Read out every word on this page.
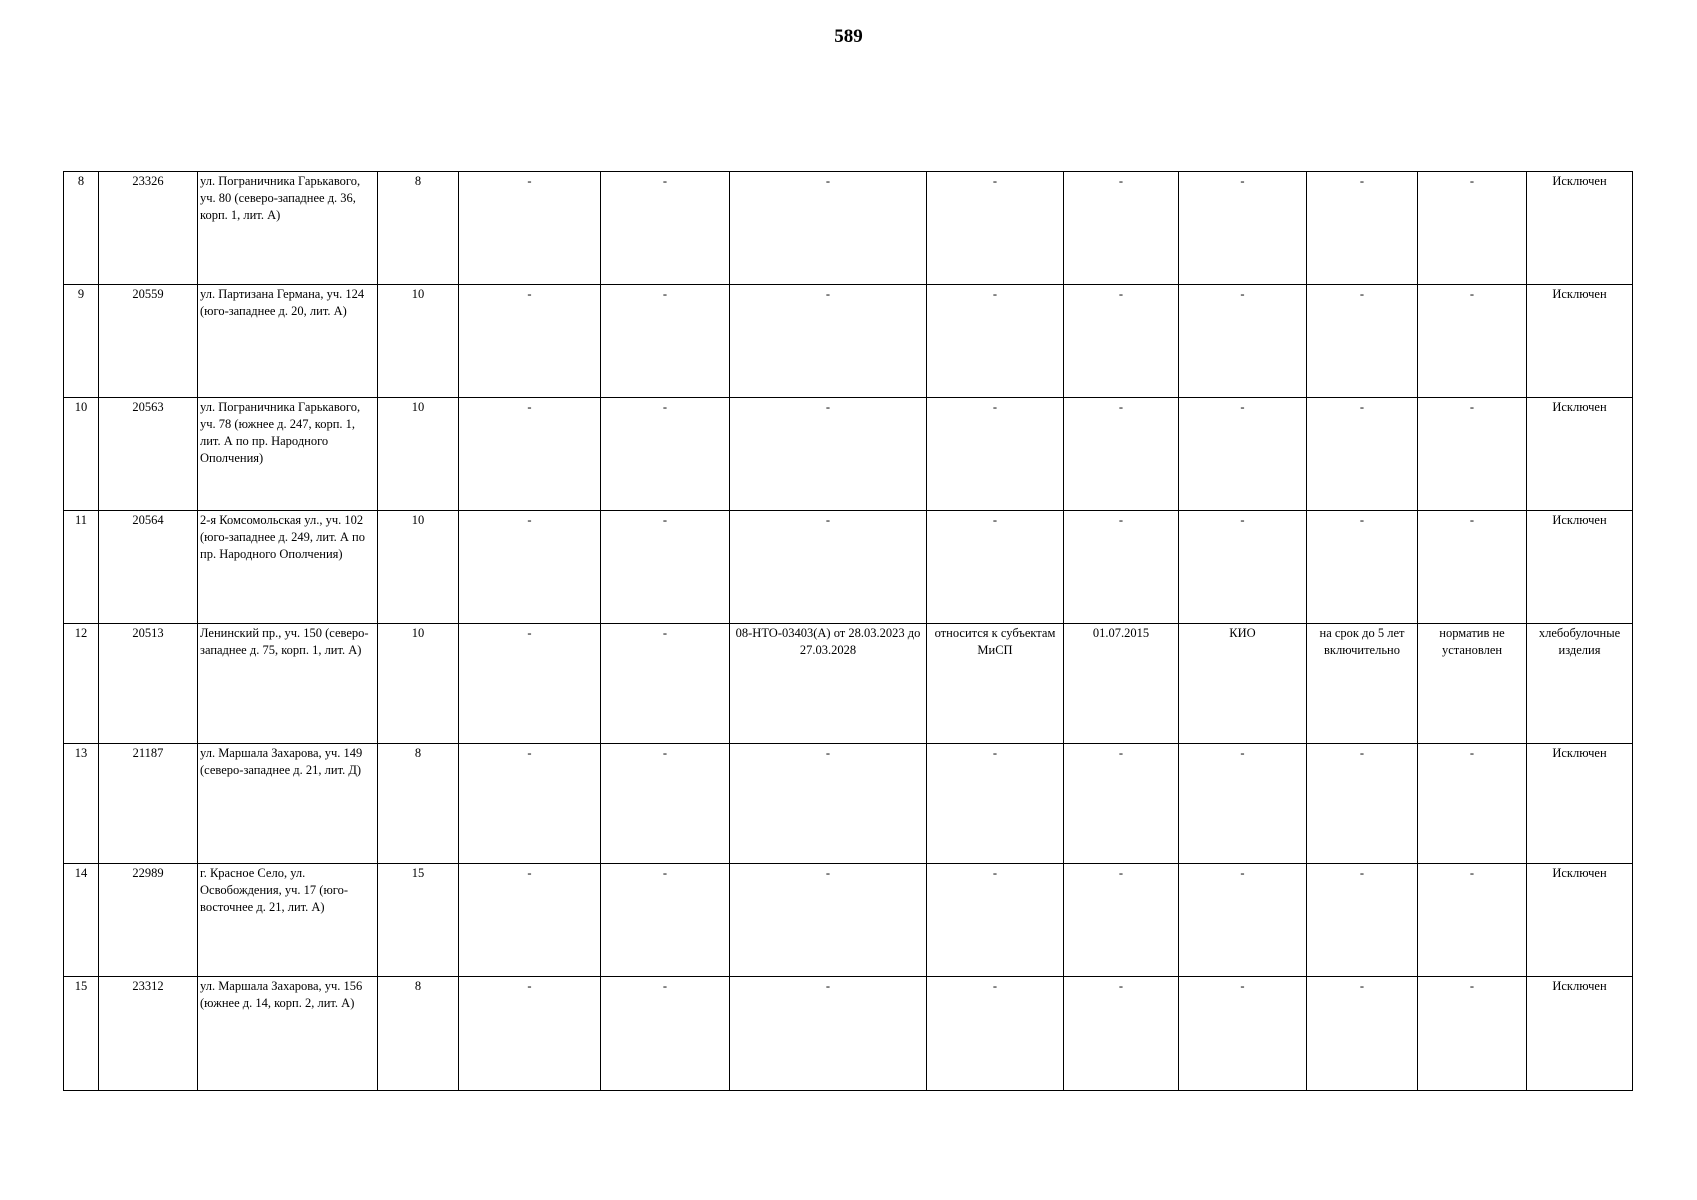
589
8	23326	ул. Пограничника Гарькавого, уч. 80 (северо-западнее д. 36, корп. 1, лит. А)	8	-	-	-	-	-	-	-	-	Исключен
9	20559	ул. Партизана Германа, уч. 124 (юго-западнее д. 20, лит. А)	10	-	-	-	-	-	-	-	-	Исключен
10	20563	ул. Пограничника Гарькавого, уч. 78 (южнее д. 247, корп. 1, лит. А по пр. Народного Ополчения)	10	-	-	-	-	-	-	-	-	Исключен
11	20564	2-я Комсомольская ул., уч. 102 (юго-западнее д. 249, лит. А по пр. Народного Ополчения)	10	-	-	-	-	-	-	-	-	Исключен
12	20513	Ленинский пр., уч. 150 (северо-западнее д. 75, корп. 1, лит. А)	10	-	-	08-НТО-03403(А) от 28.03.2023 до 27.03.2028	относится к субъектам МиСП	01.07.2015	КИО	на срок до 5 лет включительно	норматив не установлен	хлебобулочные изделия
13	21187	ул. Маршала Захарова, уч. 149 (северо-западнее д. 21, лит. Д)	8	-	-	-	-	-	-	-	-	Исключен
14	22989	г. Красное Село, ул. Освобождения, уч. 17 (юго-восточнее д. 21, лит. А)	15	-	-	-	-	-	-	-	-	Исключен
15	23312	ул. Маршала Захарова, уч. 156 (южнее д. 14, корп. 2, лит. А)	8	-	-	-	-	-	-	-	-	Исключен
